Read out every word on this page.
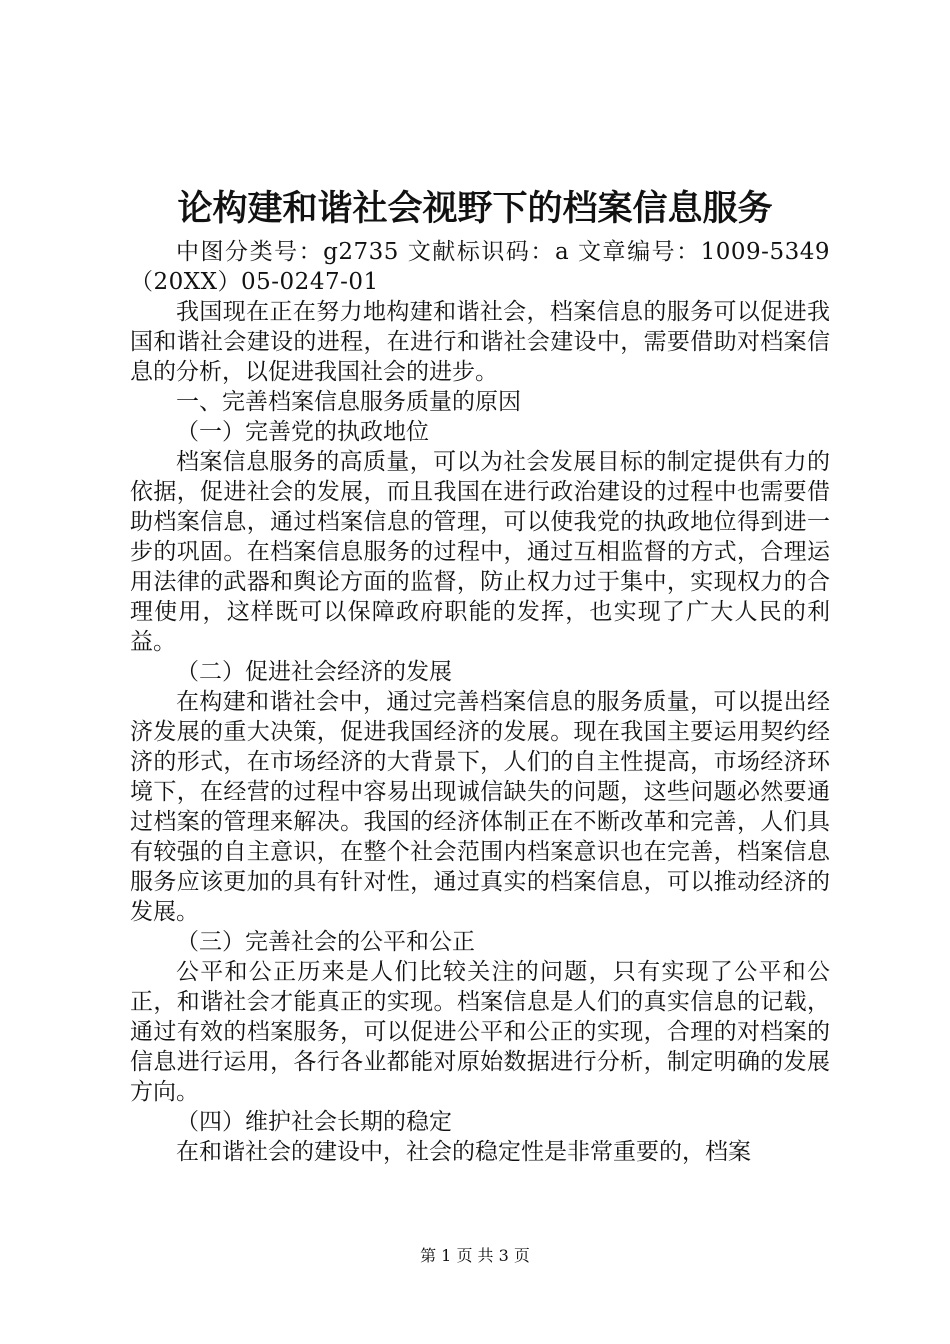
论构建和谐社会视野下的档案信息服务

中图分类号：g2735 文献标识码：a 文章编号：1009-5349（20XX）05-0247-01

我国现在正在努力地构建和谐社会，档案信息的服务可以促进我国和谐社会建设的进程，在进行和谐社会建设中，需要借助对档案信息的分析，以促进我国社会的进步。

一、完善档案信息服务质量的原因

（一）完善党的执政地位

档案信息服务的高质量，可以为社会发展目标的制定提供有力的依据，促进社会的发展，而且我国在进行政治建设的过程中也需要借助档案信息，通过档案信息的管理，可以使我党的执政地位得到进一步的巩固。在档案信息服务的过程中，通过互相监督的方式，合理运用法律的武器和舆论方面的监督，防止权力过于集中，实现权力的合理使用，这样既可以保障政府职能的发挥，也实现了广大人民的利益。

（二）促进社会经济的发展

在构建和谐社会中，通过完善档案信息的服务质量，可以提出经济发展的重大决策，促进我国经济的发展。现在我国主要运用契约经济的形式，在市场经济的大背景下，人们的自主性提高，市场经济环境下，在经营的过程中容易出现诚信缺失的问题，这些问题必然要通过档案的管理来解决。我国的经济体制正在不断改革和完善，人们具有较强的自主意识，在整个社会范围内档案意识也在完善，档案信息服务应该更加的具有针对性，通过真实的档案信息，可以推动经济的发展。

（三）完善社会的公平和公正

公平和公正历来是人们比较关注的问题，只有实现了公平和公正，和谐社会才能真正的实现。档案信息是人们的真实信息的记载，通过有效的档案服务，可以促进公平和公正的实现，合理的对档案的信息进行运用，各行各业都能对原始数据进行分析，制定明确的发展方向。

（四）维护社会长期的稳定

在和谐社会的建设中，社会的稳定性是非常重要的，档案

第 1 页 共 3 页
